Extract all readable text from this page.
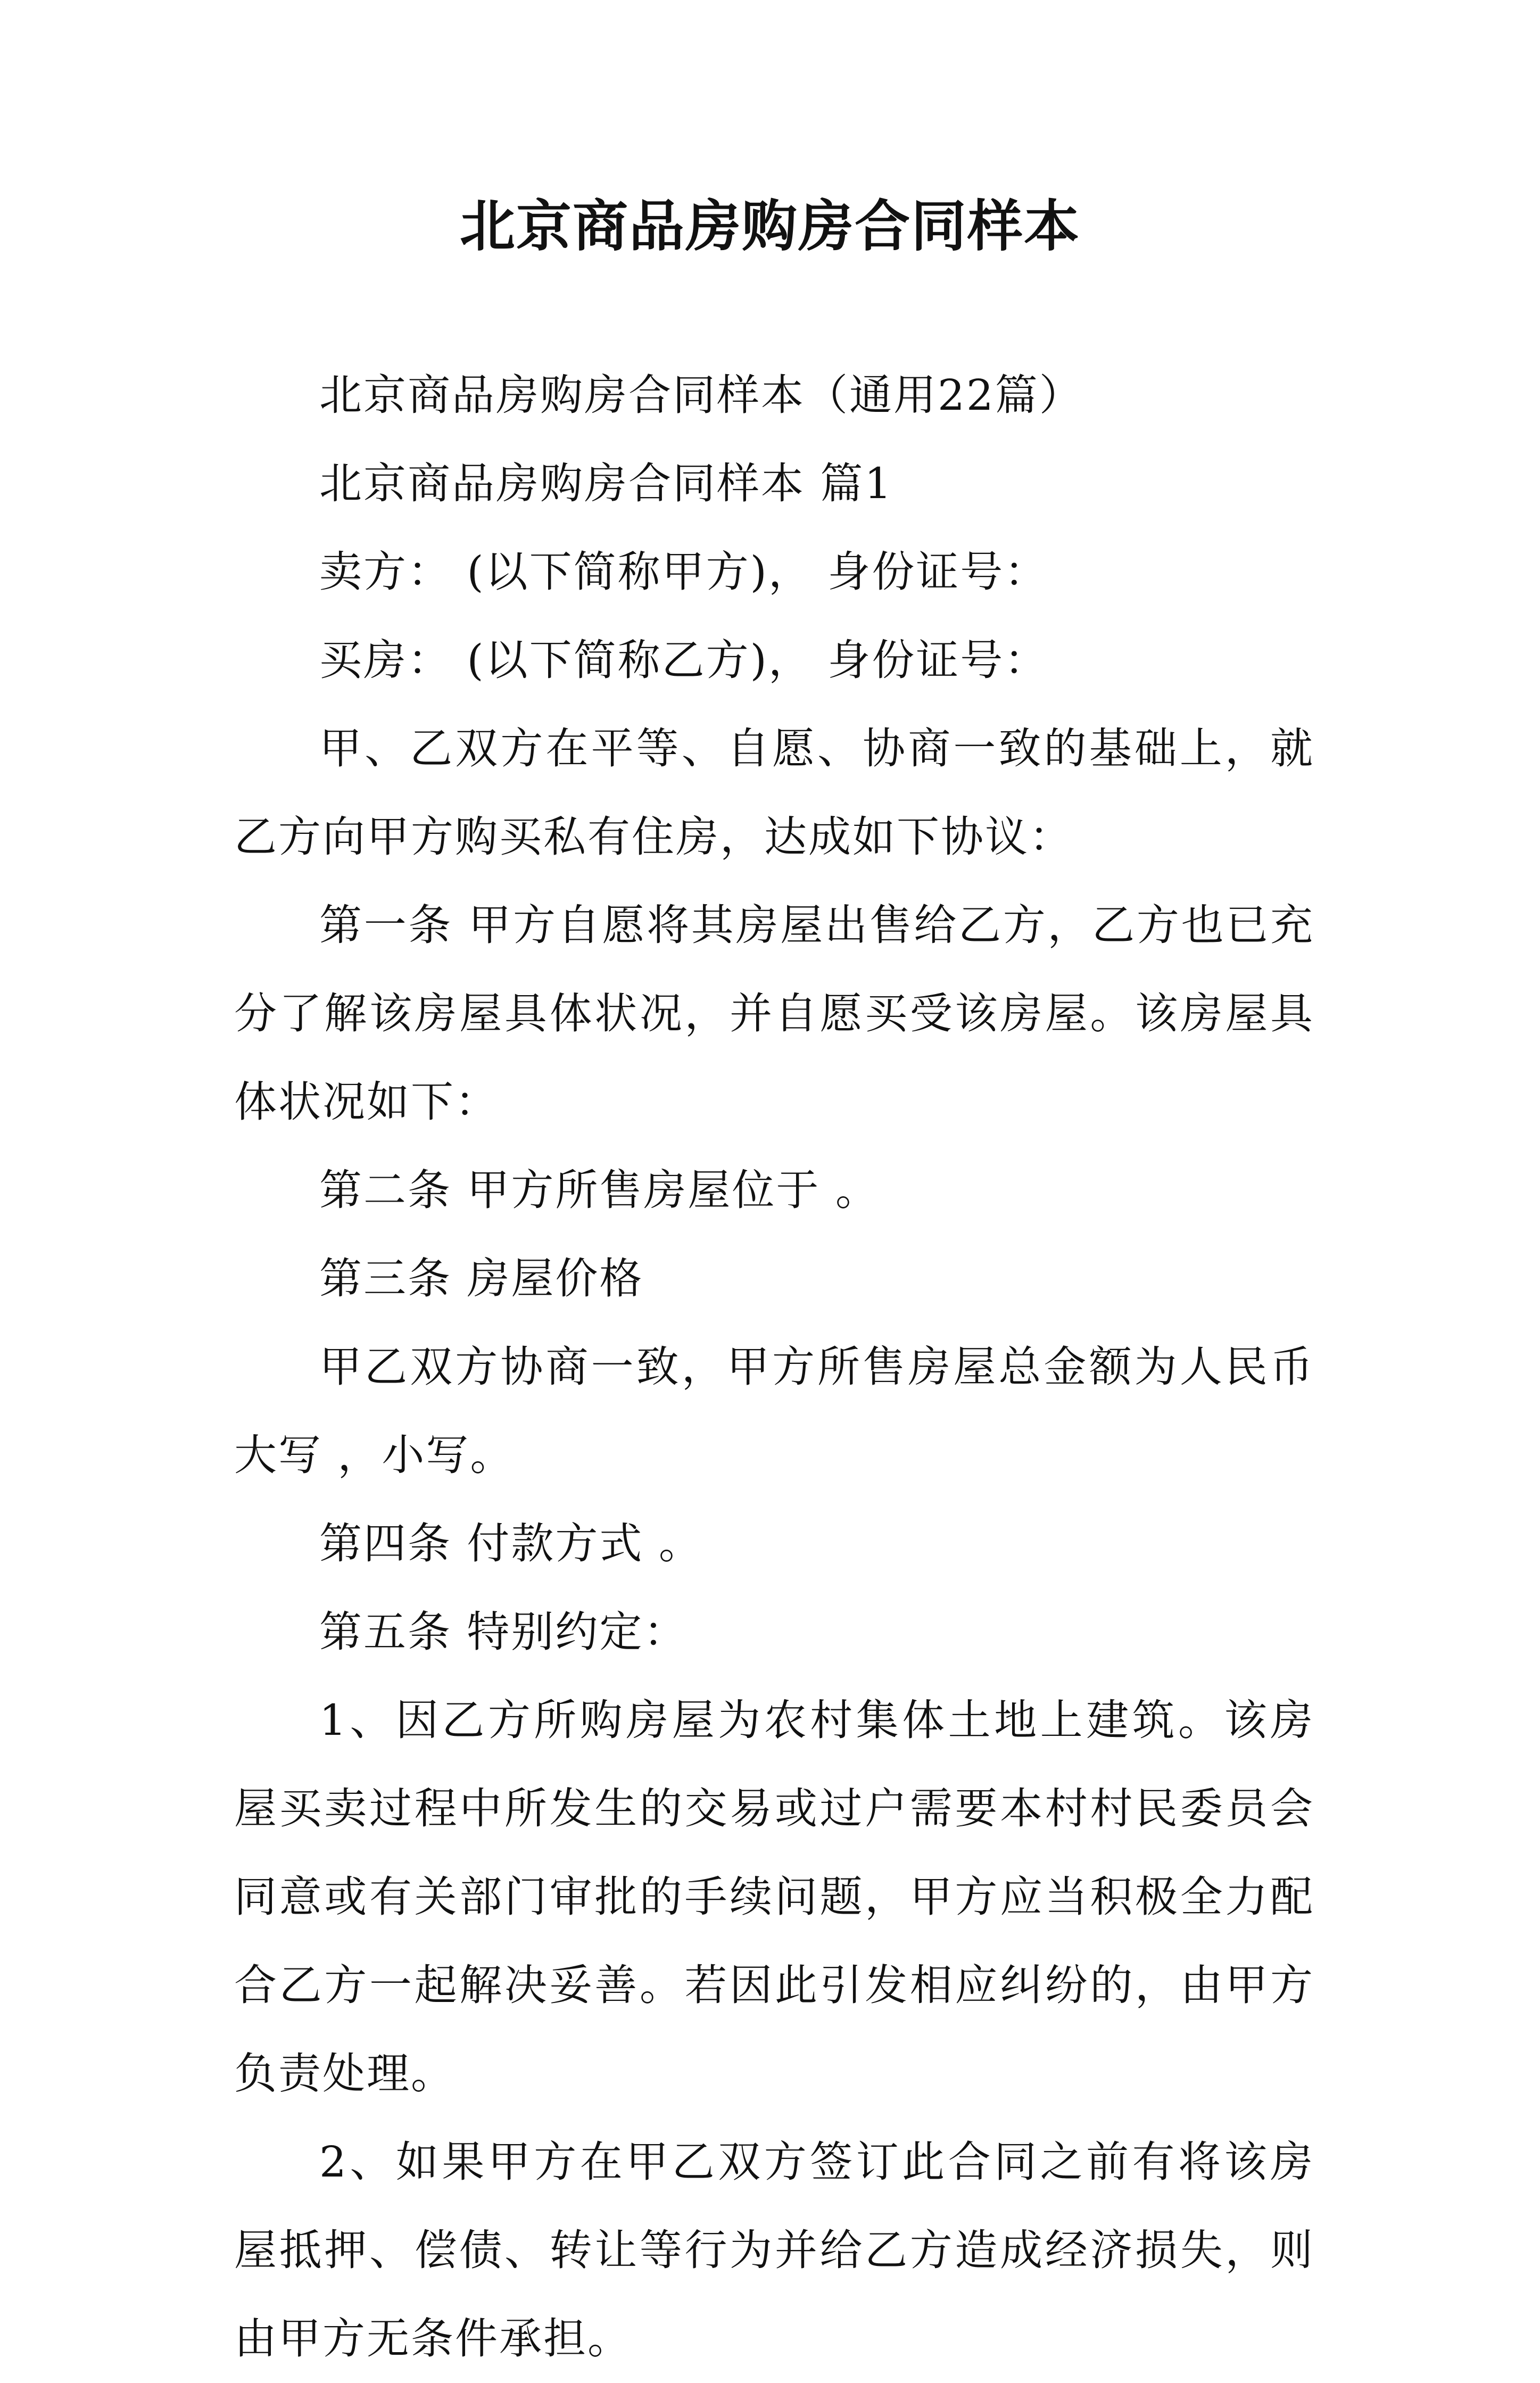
北京商品房购房合同样本

北京商品房购房合同样本（通用22篇）

北京商品房购房合同样本 篇1

卖方： (以下简称甲方)， 身份证号：

买房： (以下简称乙方)， 身份证号：

甲、乙双方在平等、自愿、协商一致的基础上，就乙方向甲方购买私有住房，达成如下协议：

第一条 甲方自愿将其房屋出售给乙方，乙方也已充分了解该房屋具体状况，并自愿买受该房屋。该房屋具体状况如下：

第二条 甲方所售房屋位于 。

第三条 房屋价格

甲乙双方协商一致，甲方所售房屋总金额为人民币大写 ，小写。

第四条 付款方式 。

第五条 特别约定：

1、因乙方所购房屋为农村集体土地上建筑。该房屋买卖过程中所发生的交易或过户需要本村村民委员会同意或有关部门审批的手续问题，甲方应当积极全力配合乙方一起解决妥善。若因此引发相应纠纷的，由甲方负责处理。

2、如果甲方在甲乙双方签订此合同之前有将该房屋抵押、偿债、转让等行为并给乙方造成经济损失，则由甲方无条件承担。
